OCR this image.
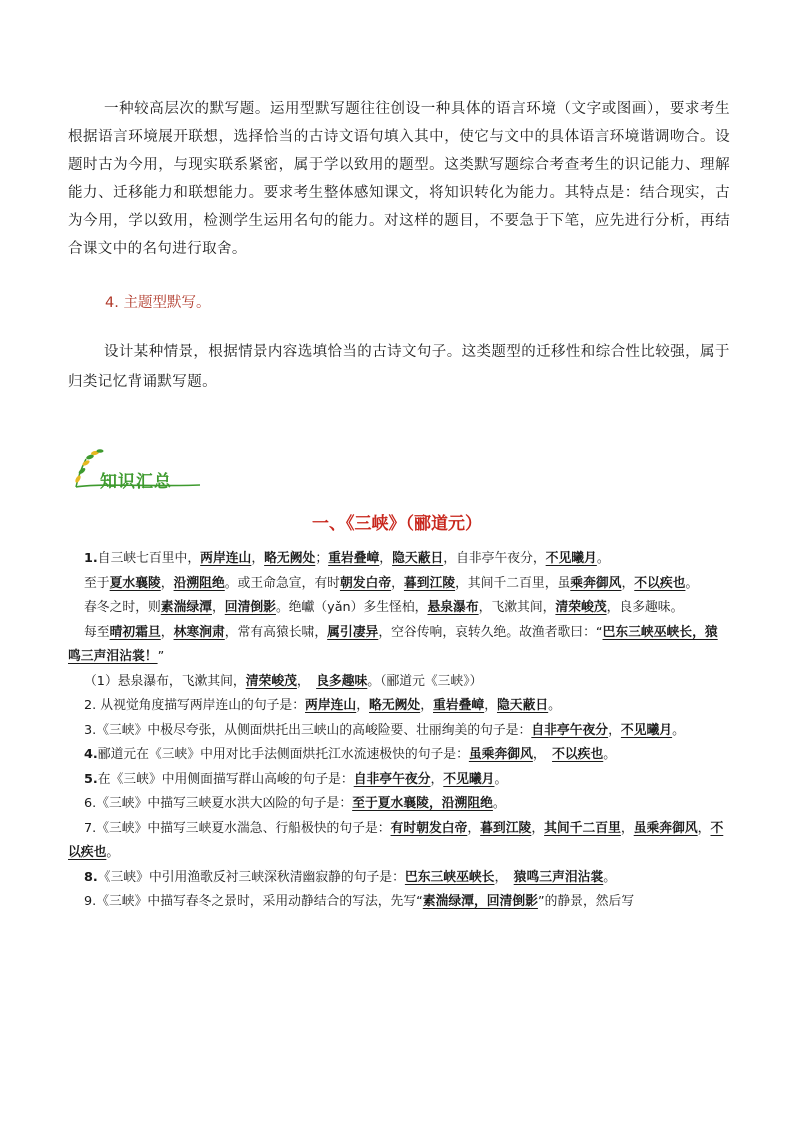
一种较高层次的默写题。运用型默写题往往创设一种具体的语言环境（文字或图画），要求考生根据语言环境展开联想，选择恰当的古诗文语句填入其中，使它与文中的具体语言环境谐调吻合。设题时古为今用，与现实联系紧密，属于学以致用的题型。这类默写题综合考查考生的识记能力、理解能力、迁移能力和联想能力。要求考生整体感知课文，将知识转化为能力。其特点是：结合现实，古为今用，学以致用，检测学生运用名句的能力。对这样的题目，不要急于下笔，应先进行分析，再结合课文中的名句进行取舍。

4. 主题型默写。

设计某种情景，根据情景内容选填恰当的古诗文句子。这类题型的迁移性和综合性比较强，属于归类记忆背诵默写题。

知识汇总

一、《三峡》（郦道元）

1.自三峡七百里中，两岸连山，略无阙处；重岩叠嶂，隐天蔽日，自非亭午夜分，不见曦月。

至于夏水襄陵，沿溯阻绝。或王命急宣，有时朝发白帝，暮到江陵，其间千二百里，虽乘奔御风，不以疾也。

春冬之时，则素湍绿潭，回清倒影。绝巘（yǎn）多生怪柏，悬泉瀑布，飞漱其间，清荣峻茂，良多趣味。

每至晴初霜旦，林寒涧肃，常有高猿长啸，属引凄异，空谷传响，哀转久绝。故渔者歌曰：“巴东三峡巫峡长，猿鸣三声泪沾裳！”

（1）悬泉瀑布，飞漱其间，清荣峻茂，　良多趣味。（郦道元《三峡》）

2. 从视觉角度描写两岸连山的句子是：两岸连山，略无阙处，重岩叠嶂，隐天蔽日。

3.《三峡》中极尽夸张，从侧面烘托出三峡山的高峻险要、壮丽绚美的句子是：自非亭午夜分，不见曦月。

4.郦道元在《三峡》中用对比手法侧面烘托江水流速极快的句子是：虽乘奔御风，　不以疾也。

5.在《三峡》中用侧面描写群山高峻的句子是：自非亭午夜分，不见曦月。

6.《三峡》中描写三峡夏水洪大凶险的句子是：至于夏水襄陵，沿溯阻绝。

7.《三峡》中描写三峡夏水湍急、行船极快的句子是：有时朝发白帝，暮到江陵，其间千二百里，虽乘奔御风，不以疾也。

8.《三峡》中引用渔歌反衬三峡深秋清幽寂静的句子是：巴东三峡巫峡长，　猿鸣三声泪沾裳。

9.《三峡》中描写春冬之景时，采用动静结合的写法，先写“素湍绿潭，回清倒影”的静景，然后写
